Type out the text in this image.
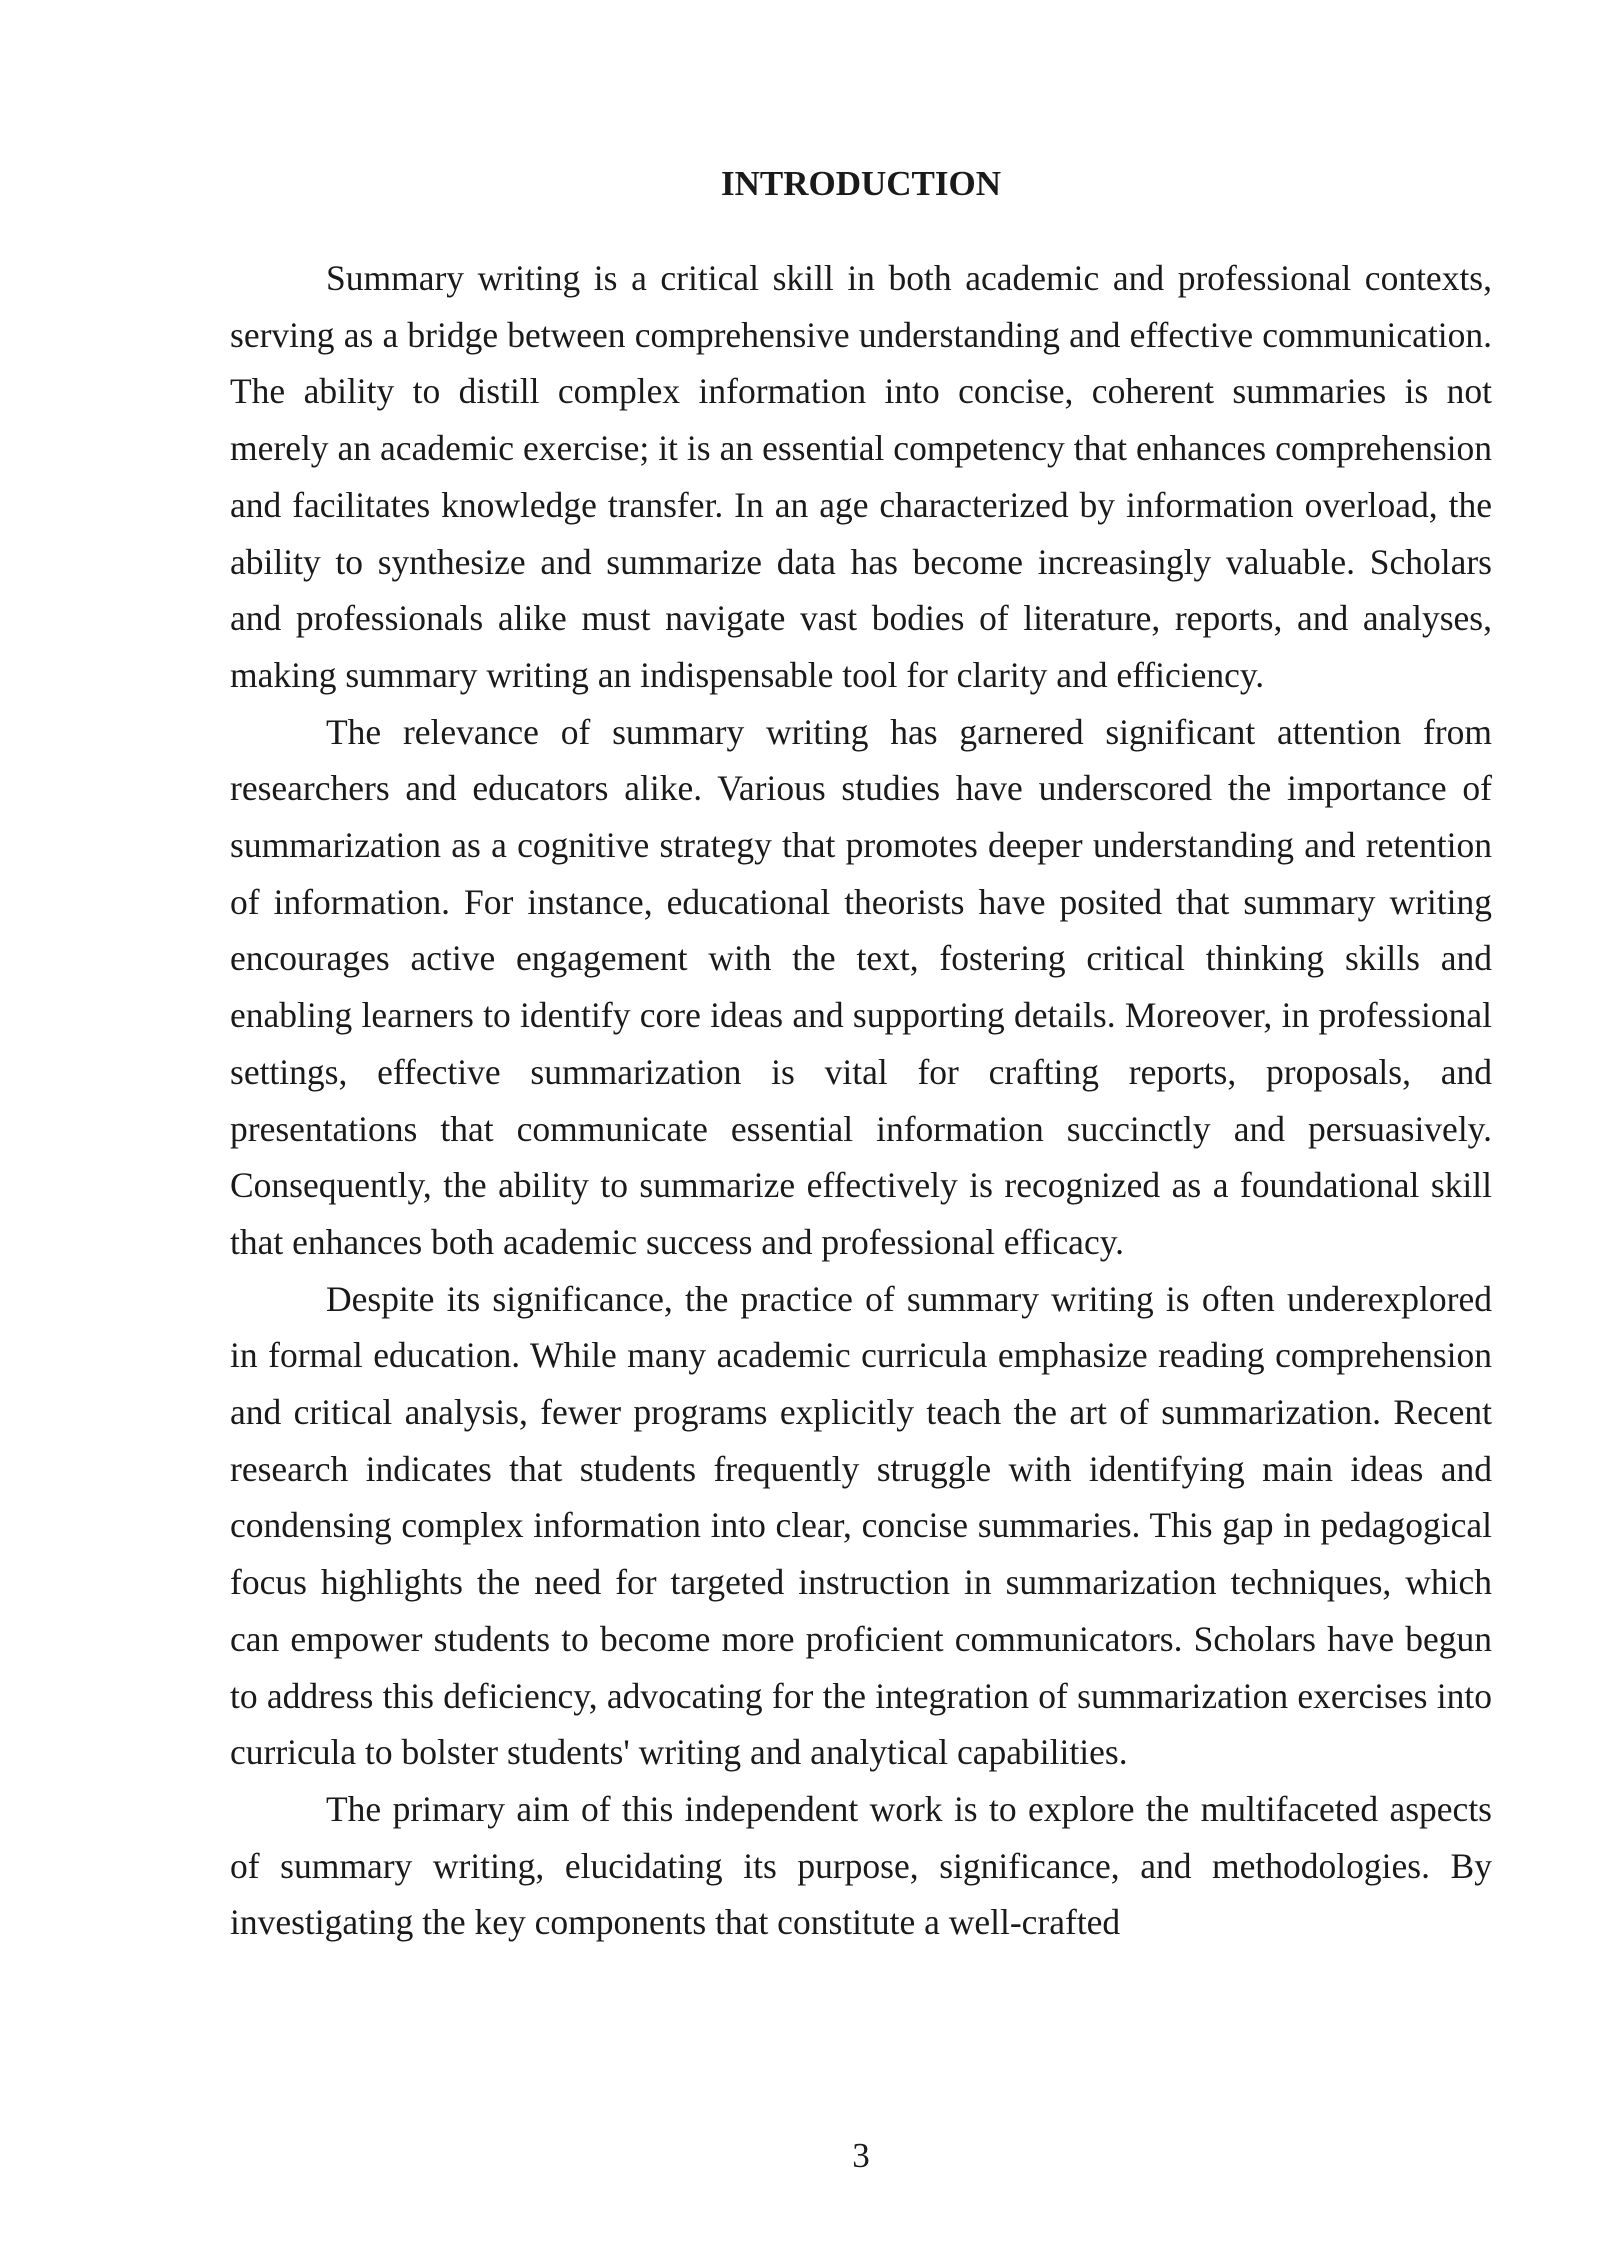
INTRODUCTION

Summary writing is a critical skill in both academic and professional contexts, serving as a bridge between comprehensive understanding and effective communication. The ability to distill complex information into concise, coherent summaries is not merely an academic exercise; it is an essential competency that enhances comprehension and facilitates knowledge transfer. In an age characterized by information overload, the ability to synthesize and summarize data has become increasingly valuable. Scholars and professionals alike must navigate vast bodies of literature, reports, and analyses, making summary writing an indispensable tool for clarity and efficiency.

The relevance of summary writing has garnered significant attention from researchers and educators alike. Various studies have underscored the importance of summarization as a cognitive strategy that promotes deeper understanding and retention of information. For instance, educational theorists have posited that summary writing encourages active engagement with the text, fostering critical thinking skills and enabling learners to identify core ideas and supporting details. Moreover, in professional settings, effective summarization is vital for crafting reports, proposals, and presentations that communicate essential information succinctly and persuasively. Consequently, the ability to summarize effectively is recognized as a foundational skill that enhances both academic success and professional efficacy.

Despite its significance, the practice of summary writing is often underexplored in formal education. While many academic curricula emphasize reading comprehension and critical analysis, fewer programs explicitly teach the art of summarization. Recent research indicates that students frequently struggle with identifying main ideas and condensing complex information into clear, concise summaries. This gap in pedagogical focus highlights the need for targeted instruction in summarization techniques, which can empower students to become more proficient communicators. Scholars have begun to address this deficiency, advocating for the integration of summarization exercises into curricula to bolster students' writing and analytical capabilities.

The primary aim of this independent work is to explore the multifaceted aspects of summary writing, elucidating its purpose, significance, and methodologies. By investigating the key components that constitute a well-crafted

3
